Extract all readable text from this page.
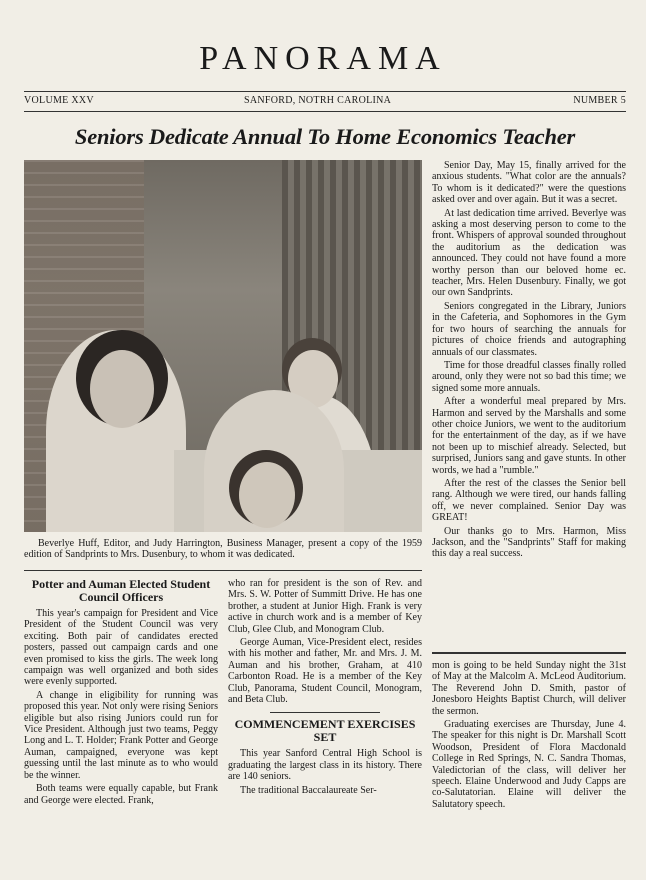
PANORAMA
VOLUME XXV	SANFORD, NOTRH CAROLINA	NUMBER 5
Seniors Dedicate Annual To Home Economics Teacher
Beverlye Huff, Editor, and Judy Harrington, Business Manager, present a copy of the 1959 edition of Sandprints to Mrs. Dusenbury, to whom it was dedicated.

Senior Day, May 15, finally arrived for the anxious students. "What color are the annuals? To whom is it dedicated?" were the questions asked over and over again. But it was a secret.

At last dedication time arrived. Beverlye was asking a most deserving person to come to the front. Whispers of approval sounded throughout the auditorium as the dedication was announced. They could not have found a more worthy person than our beloved home ec. teacher, Mrs. Helen Dusenbury. Finally, we got our own Sandprints.

Seniors congregated in the Library, Juniors in the Cafeteria, and Sophomores in the Gym for two hours of searching the annuals for pictures of choice friends and autographing annuals of our classmates.

Time for those dreadful classes finally rolled around, only they were not so bad this time; we signed some more annuals.

After a wonderful meal prepared by Mrs. Harmon and served by the Marshalls and some other choice Juniors, we went to the auditorium for the entertainment of the day, as if we have not been up to mischief already. Selected, but surprised, Juniors sang and gave stunts. In other words, we had a "rumble."

After the rest of the classes the Senior bell rang. Although we were tired, our hands falling off, we never complained. Senior Day was GREAT!

Our thanks go to Mrs. Harmon, Miss Jackson, and the "Sandprints" Staff for making this day a real success.

Potter and Auman Elected Student Council Officers

This year's campaign for President and Vice President of the Student Council was very exciting. Both pair of candidates erected posters, passed out campaign cards and one even promised to kiss the girls. The week long campaign was well organized and both sides were evenly supported.

A change in eligibility for running was proposed this year. Not only were rising Seniors eligible but also rising Juniors could run for Vice President. Although just two teams, Peggy Long and L. T. Holder; Frank Potter and George Auman, campaigned, everyone was kept guessing until the last minute as to who would be the winner.

Both teams were equally capable, but Frank and George were elected. Frank,

who ran for president is the son of Rev. and Mrs. S. W. Potter of Summitt Drive. He has one brother, a student at Junior High. Frank is very active in church work and is a member of Key Club, Glee Club, and Monogram Club.

George Auman, Vice-President elect, resides with his mother and father, Mr. and Mrs. J. M. Auman and his brother, Graham, at 410 Carbonton Road. He is a member of the Key Club, Panorama, Student Council, Monogram, and Beta Club.

COMMENCEMENT EXERCISES SET

This year Sanford Central High School is graduating the largest class in its history. There are 140 seniors.

The traditional Baccalaureate Ser-

mon is going to be held Sunday night the 31st of May at the Malcolm A. McLeod Auditorium. The Reverend John D. Smith, pastor of Jonesboro Heights Baptist Church, will deliver the sermon.

Graduating exercises are Thursday, June 4. The speaker for this night is Dr. Marshall Scott Woodson, President of Flora Macdonald College in Red Springs, N. C. Sandra Thomas, Valedictorian of the class, will deliver her speech. Elaine Underwood and Judy Capps are co-Salutatorian. Elaine will deliver the Salutatory speech.
